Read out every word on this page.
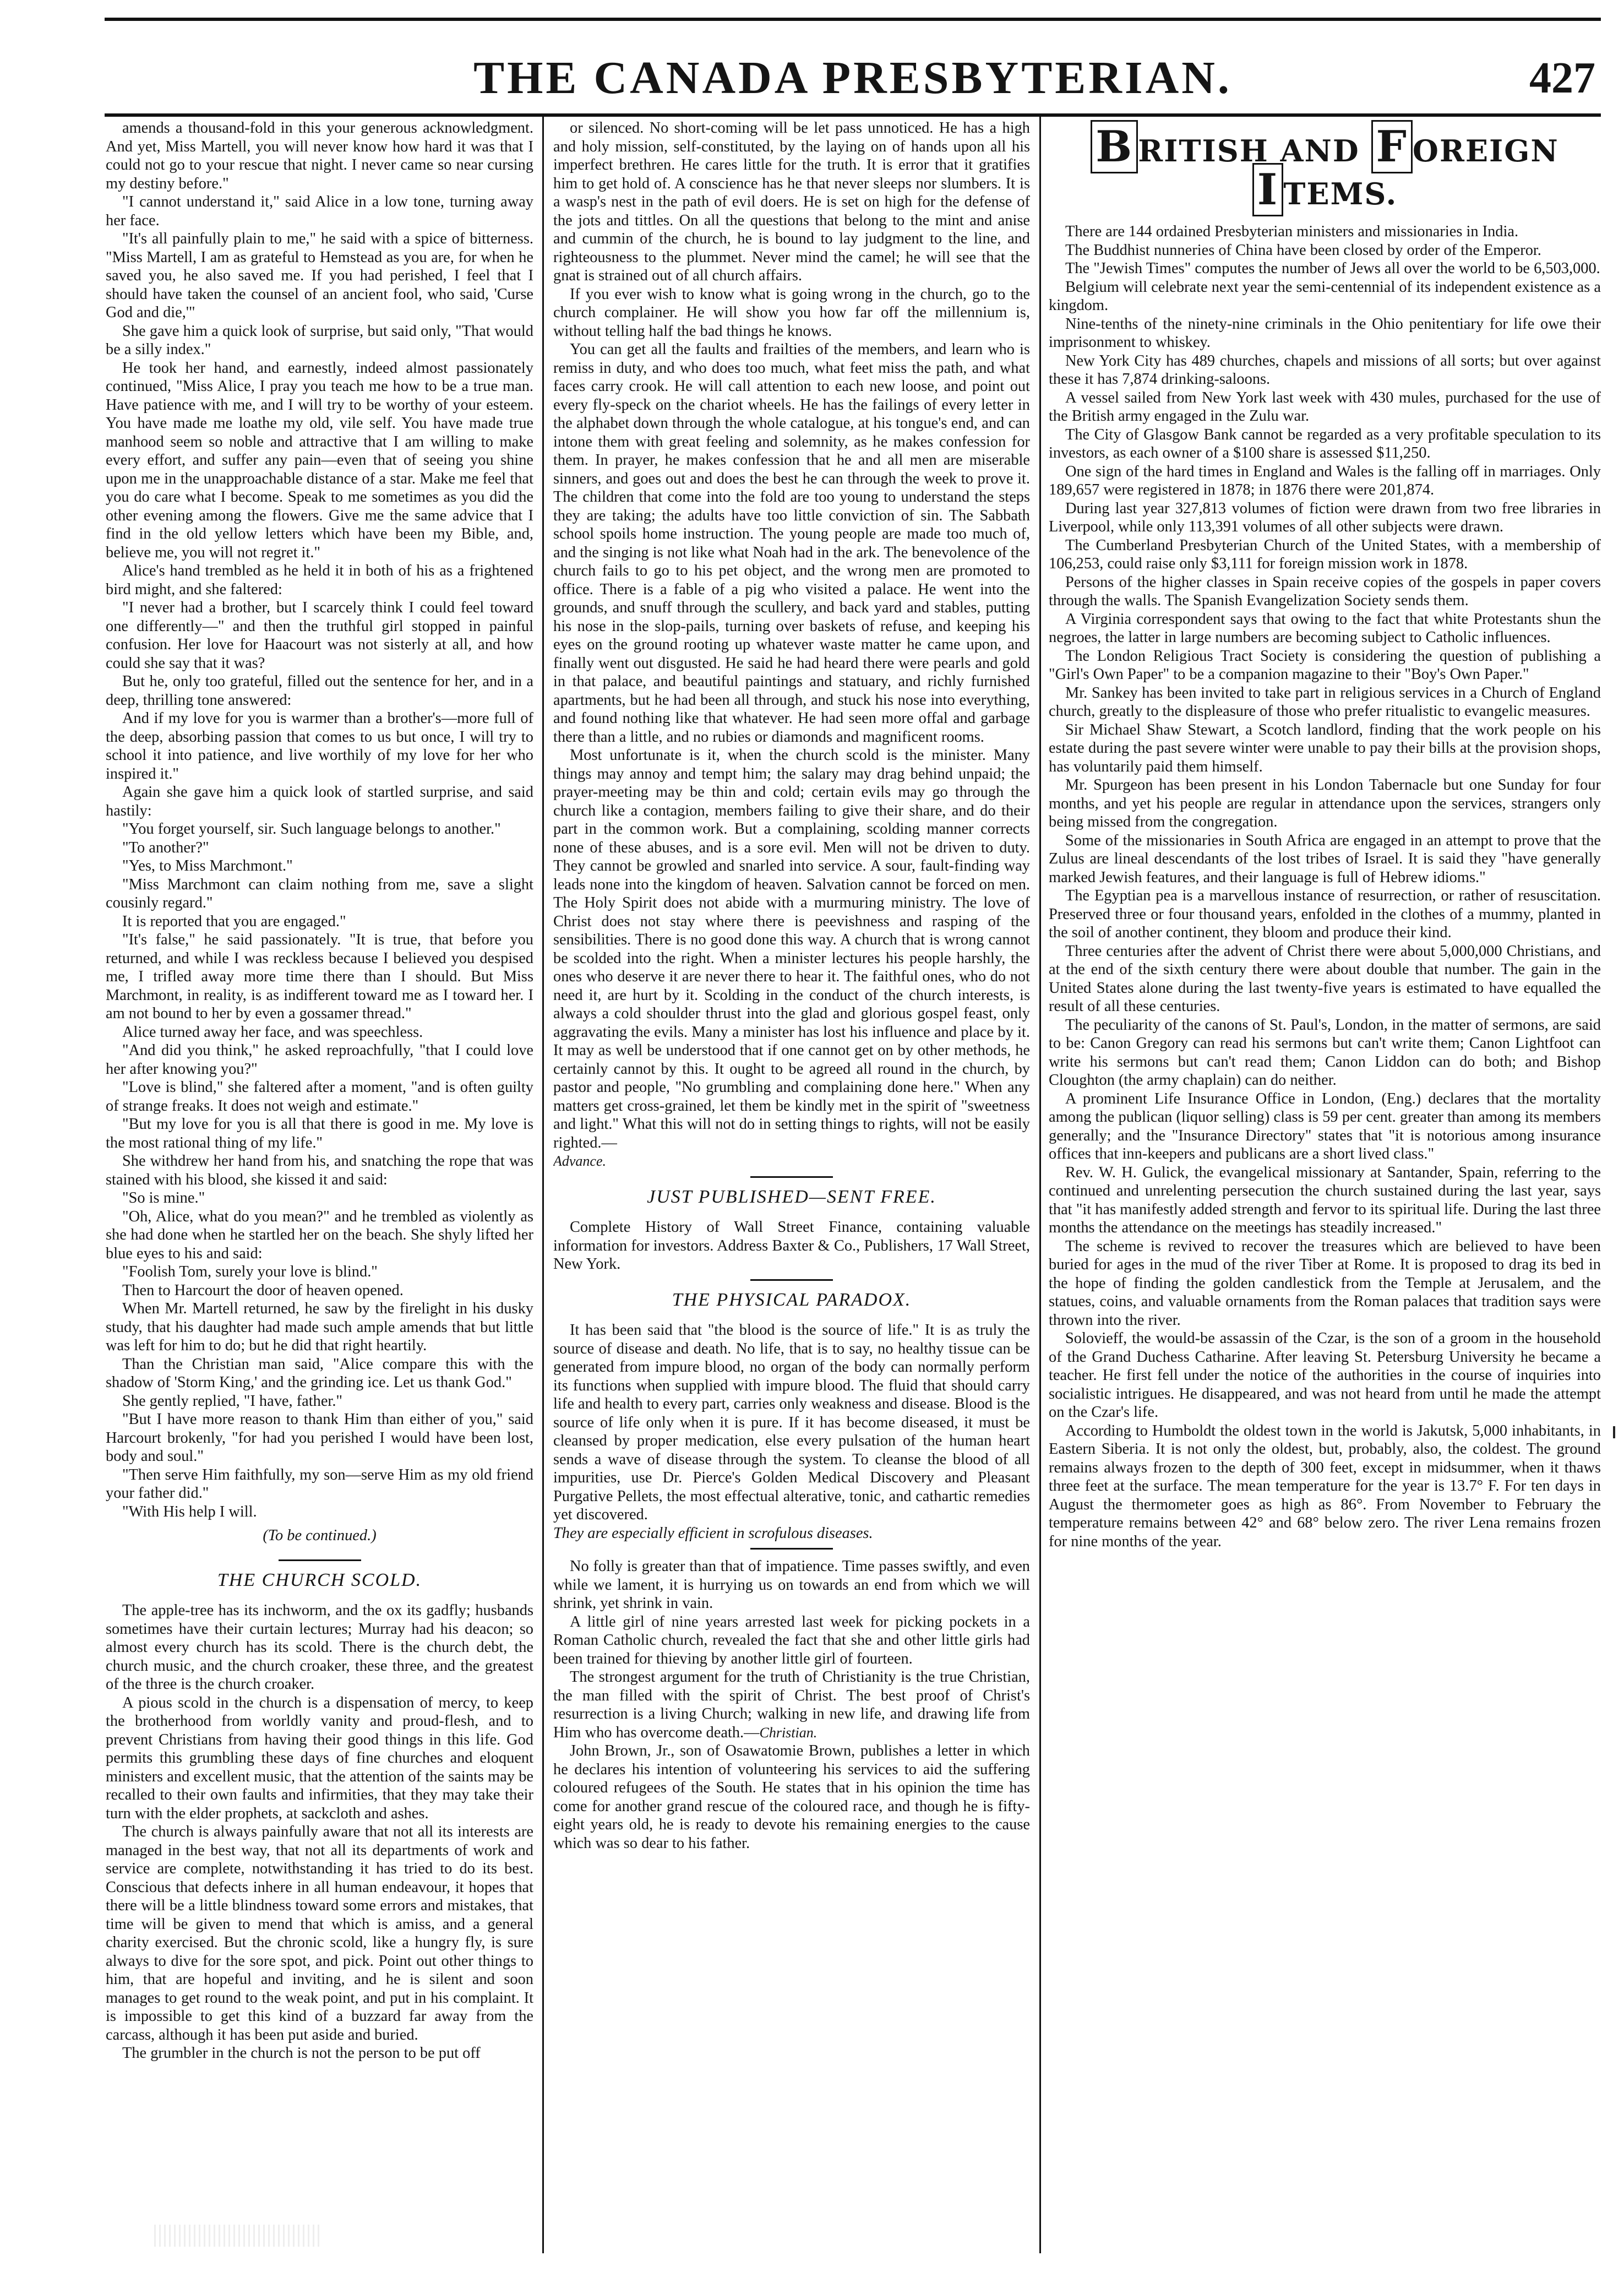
THE CANADA PRESBYTERIAN.	427

amends a thousand-fold in this your generous acknowledgment. And yet, Miss Martell, you will never know how hard it was that I could not go to your rescue that night. I never came so near cursing my destiny before."

"I cannot understand it," said Alice in a low tone, turning away her face.

"It's all painfully plain to me," he said with a spice of bitterness. "Miss Martell, I am as grateful to Hemstead as you are, for when he saved you, he also saved me. If you had perished, I feel that I should have taken the counsel of an ancient fool, who said, 'Curse God and die,'"

She gave him a quick look of surprise, but said only, "That would be a silly index."

He took her hand, and earnestly, indeed almost passionately continued, "Miss Alice, I pray you teach me how to be a true man. Have patience with me, and I will try to be worthy of your esteem. You have made me loathe my old, vile self. You have made true manhood seem so noble and attractive that I am willing to make every effort, and suffer any pain—even that of seeing you shine upon me in the unapproachable distance of a star. Make me feel that you do care what I become. Speak to me sometimes as you did the other evening among the flowers. Give me the same advice that I find in the old yellow letters which have been my Bible, and, believe me, you will not regret it."

Alice's hand trembled as he held it in both of his as a frightened bird might, and she faltered:

"I never had a brother, but I scarcely think I could feel toward one differently—" and then the truthful girl stopped in painful confusion. Her love for Haacourt was not sisterly at all, and how could she say that it was?

But he, only too grateful, filled out the sentence for her, and in a deep, thrilling tone answered:

And if my love for you is warmer than a brother's—more full of the deep, absorbing passion that comes to us but once, I will try to school it into patience, and live worthily of my love for her who inspired it."

Again she gave him a quick look of startled surprise, and said hastily:

"You forget yourself, sir. Such language belongs to another."

"To another?"

"Yes, to Miss Marchmont."

"Miss Marchmont can claim nothing from me, save a slight cousinly regard."

It is reported that you are engaged."

"It's false," he said passionately. "It is true, that before you returned, and while I was reckless because I believed you despised me, I trifled away more time there than I should. But Miss Marchmont, in reality, is as indifferent toward me as I toward her. I am not bound to her by even a gossamer thread."

Alice turned away her face, and was speechless.

"And did you think," he asked reproachfully, "that I could love her after knowing you?"

"Love is blind," she faltered after a moment, "and is often guilty of strange freaks. It does not weigh and estimate."

"But my love for you is all that there is good in me. My love is the most rational thing of my life."

She withdrew her hand from his, and snatching the rope that was stained with his blood, she kissed it and said:

"So is mine."

"Oh, Alice, what do you mean?" and he trembled as violently as she had done when he startled her on the beach. She shyly lifted her blue eyes to his and said:

"Foolish Tom, surely your love is blind."

Then to Harcourt the door of heaven opened.

When Mr. Martell returned, he saw by the firelight in his dusky study, that his daughter had made such ample amends that but little was left for him to do; but he did that right heartily.

Than the Christian man said, "Alice compare this with the shadow of 'Storm King,' and the grinding ice. Let us thank God."

She gently replied, "I have, father."

"But I have more reason to thank Him than either of you," said Harcourt brokenly, "for had you perished I would have been lost, body and soul."

"Then serve Him faithfully, my son—serve Him as my old friend your father did."

"With His help I will.

(To be continued.)
THE CHURCH SCOLD.

The apple-tree has its inchworm, and the ox its gadfly; husbands sometimes have their curtain lectures; Murray had his deacon; so almost every church has its scold. There is the church debt, the church music, and the church croaker, these three, and the greatest of the three is the church croaker.

A pious scold in the church is a dispensation of mercy, to keep the brotherhood from worldly vanity and proud-flesh, and to prevent Christians from having their good things in this life. God permits this grumbling these days of fine churches and eloquent ministers and excellent music, that the attention of the saints may be recalled to their own faults and infirmities, that they may take their turn with the elder prophets, at sackcloth and ashes.

The church is always painfully aware that not all its interests are managed in the best way, that not all its departments of work and service are complete, notwithstanding it has tried to do its best. Conscious that defects inhere in all human endeavour, it hopes that there will be a little blindness toward some errors and mistakes, that time will be given to mend that which is amiss, and a general charity exercised. But the chronic scold, like a hungry fly, is sure always to dive for the sore spot, and pick. Point out other things to him, that are hopeful and inviting, and he is silent and soon manages to get round to the weak point, and put in his complaint. It is impossible to get this kind of a buzzard far away from the carcass, although it has been put aside and buried.

The grumbler in the church is not the person to be put off

or silenced. No short-coming will be let pass unnoticed. He has a high and holy mission, self-constituted, by the laying on of hands upon all his imperfect brethren. He cares little for the truth. It is error that it gratifies him to get hold of. A conscience has he that never sleeps nor slumbers. It is a wasp's nest in the path of evil doers. He is set on high for the defense of the jots and tittles. On all the questions that belong to the mint and anise and cummin of the church, he is bound to lay judgment to the line, and righteousness to the plummet. Never mind the camel; he will see that the gnat is strained out of all church affairs.

If you ever wish to know what is going wrong in the church, go to the church complainer. He will show you how far off the millennium is, without telling half the bad things he knows.

You can get all the faults and frailties of the members, and learn who is remiss in duty, and who does too much, what feet miss the path, and what faces carry crook. He will call attention to each new loose, and point out every fly-speck on the chariot wheels. He has the failings of every letter in the alphabet down through the whole catalogue, at his tongue's end, and can intone them with great feeling and solemnity, as he makes confession for them. In prayer, he makes confession that he and all men are miserable sinners, and goes out and does the best he can through the week to prove it. The children that come into the fold are too young to understand the steps they are taking; the adults have too little conviction of sin. The Sabbath school spoils home instruction. The young people are made too much of, and the singing is not like what Noah had in the ark. The benevolence of the church fails to go to his pet object, and the wrong men are promoted to office. There is a fable of a pig who visited a palace. He went into the grounds, and snuff through the scullery, and back yard and stables, putting his nose in the slop-pails, turning over baskets of refuse, and keeping his eyes on the ground rooting up whatever waste matter he came upon, and finally went out disgusted. He said he had heard there were pearls and gold in that palace, and beautiful paintings and statuary, and richly furnished apartments, but he had been all through, and stuck his nose into everything, and found nothing like that whatever. He had seen more offal and garbage there than a little, and no rubies or diamonds and magnificent rooms.

Most unfortunate is it, when the church scold is the minister. Many things may annoy and tempt him; the salary may drag behind unpaid; the prayer-meeting may be thin and cold; certain evils may go through the church like a contagion, members failing to give their share, and do their part in the common work. But a complaining, scolding manner corrects none of these abuses, and is a sore evil. Men will not be driven to duty. They cannot be growled and snarled into service. A sour, fault-finding way leads none into the kingdom of heaven. Salvation cannot be forced on men. The Holy Spirit does not abide with a murmuring ministry. The love of Christ does not stay where there is peevishness and rasping of the sensibilities. There is no good done this way. A church that is wrong cannot be scolded into the right. When a minister lectures his people harshly, the ones who deserve it are never there to hear it. The faithful ones, who do not need it, are hurt by it. Scolding in the conduct of the church interests, is always a cold shoulder thrust into the glad and glorious gospel feast, only aggravating the evils. Many a minister has lost his influence and place by it. It may as well be understood that if one cannot get on by other methods, he certainly cannot by this. It ought to be agreed all round in the church, by pastor and people, "No grumbling and complaining done here." When any matters get cross-grained, let them be kindly met in the spirit of "sweetness and light." What this will not do in setting things to rights, will not be easily righted.—

Advance.
JUST PUBLISHED—SENT FREE.

Complete History of Wall Street Finance, containing valuable information for investors. Address Baxter & Co., Publishers, 17 Wall Street, New York.

THE PHYSICAL PARADOX.

It has been said that "the blood is the source of life." It is as truly the source of disease and death. No life, that is to say, no healthy tissue can be generated from impure blood, no organ of the body can normally perform its functions when supplied with impure blood. The fluid that should carry life and health to every part, carries only weakness and disease. Blood is the source of life only when it is pure. If it has become diseased, it must be cleansed by proper medication, else every pulsation of the human heart sends a wave of disease through the system. To cleanse the blood of all impurities, use Dr. Pierce's Golden Medical Discovery and Pleasant Purgative Pellets, the most effectual alterative, tonic, and cathartic remedies yet discovered.

They are especially efficient in scrofulous diseases.

No folly is greater than that of impatience. Time passes swiftly, and even while we lament, it is hurrying us on towards an end from which we will shrink, yet shrink in vain.

A little girl of nine years arrested last week for picking pockets in a Roman Catholic church, revealed the fact that she and other little girls had been trained for thieving by another little girl of fourteen.

The strongest argument for the truth of Christianity is the true Christian, the man filled with the spirit of Christ. The best proof of Christ's resurrection is a living Church; walking in new life, and drawing life from Him who has overcome death.—Christian.

John Brown, Jr., son of Osawatomie Brown, publishes a letter in which he declares his intention of volunteering his services to aid the suffering coloured refugees of the South. He states that in his opinion the time has come for another grand rescue of the coloured race, and though he is fifty-eight years old, he is ready to devote his remaining energies to the cause which was so dear to his father.

B RITISH AND F OREIGN I TEMS.

There are 144 ordained Presbyterian ministers and missionaries in India.

The Buddhist nunneries of China have been closed by order of the Emperor.

The "Jewish Times" computes the number of Jews all over the world to be 6,503,000.

Belgium will celebrate next year the semi-centennial of its independent existence as a kingdom.

Nine-tenths of the ninety-nine criminals in the Ohio penitentiary for life owe their imprisonment to whiskey.

New York City has 489 churches, chapels and missions of all sorts; but over against these it has 7,874 drinking-saloons.

A vessel sailed from New York last week with 430 mules, purchased for the use of the British army engaged in the Zulu war.

The City of Glasgow Bank cannot be regarded as a very profitable speculation to its investors, as each owner of a $100 share is assessed $11,250.

One sign of the hard times in England and Wales is the falling off in marriages. Only 189,657 were registered in 1878; in 1876 there were 201,874.

During last year 327,813 volumes of fiction were drawn from two free libraries in Liverpool, while only 113,391 volumes of all other subjects were drawn.

The Cumberland Presbyterian Church of the United States, with a membership of 106,253, could raise only $3,111 for foreign mission work in 1878.

Persons of the higher classes in Spain receive copies of the gospels in paper covers through the walls. The Spanish Evangelization Society sends them.

A Virginia correspondent says that owing to the fact that white Protestants shun the negroes, the latter in large numbers are becoming subject to Catholic influences.

The London Religious Tract Society is considering the question of publishing a "Girl's Own Paper" to be a companion magazine to their "Boy's Own Paper."

Mr. Sankey has been invited to take part in religious services in a Church of England church, greatly to the displeasure of those who prefer ritualistic to evangelic measures.

Sir Michael Shaw Stewart, a Scotch landlord, finding that the work people on his estate during the past severe winter were unable to pay their bills at the provision shops, has voluntarily paid them himself.

Mr. Spurgeon has been present in his London Tabernacle but one Sunday for four months, and yet his people are regular in attendance upon the services, strangers only being missed from the congregation.

Some of the missionaries in South Africa are engaged in an attempt to prove that the Zulus are lineal descendants of the lost tribes of Israel. It is said they "have generally marked Jewish features, and their language is full of Hebrew idioms."

The Egyptian pea is a marvellous instance of resurrection, or rather of resuscitation. Preserved three or four thousand years, enfolded in the clothes of a mummy, planted in the soil of another continent, they bloom and produce their kind.

Three centuries after the advent of Christ there were about 5,000,000 Christians, and at the end of the sixth century there were about double that number. The gain in the United States alone during the last twenty-five years is estimated to have equalled the result of all these centuries.

The peculiarity of the canons of St. Paul's, London, in the matter of sermons, are said to be: Canon Gregory can read his sermons but can't write them; Canon Lightfoot can write his sermons but can't read them; Canon Liddon can do both; and Bishop Cloughton (the army chaplain) can do neither.

A prominent Life Insurance Office in London, (Eng.) declares that the mortality among the publican (liquor selling) class is 59 per cent. greater than among its members generally; and the "Insurance Directory" states that "it is notorious among insurance offices that inn-keepers and publicans are a short lived class."

Rev. W. H. Gulick, the evangelical missionary at Santander, Spain, referring to the continued and unrelenting persecution the church sustained during the last year, says that "it has manifestly added strength and fervor to its spiritual life. During the last three months the attendance on the meetings has steadily increased."

The scheme is revived to recover the treasures which are believed to have been buried for ages in the mud of the river Tiber at Rome. It is proposed to drag its bed in the hope of finding the golden candlestick from the Temple at Jerusalem, and the statues, coins, and valuable ornaments from the Roman palaces that tradition says were thrown into the river.

Solovieff, the would-be assassin of the Czar, is the son of a groom in the household of the Grand Duchess Catharine. After leaving St. Petersburg University he became a teacher. He first fell under the notice of the authorities in the course of inquiries into socialistic intrigues. He disappeared, and was not heard from until he made the attempt on the Czar's life.

According to Humboldt the oldest town in the world is Jakutsk, 5,000 inhabitants, in Eastern Siberia. It is not only the oldest, but, probably, also, the coldest. The ground remains always frozen to the depth of 300 feet, except in midsummer, when it thaws three feet at the surface. The mean temperature for the year is 13.7° F. For ten days in August the thermometer goes as high as 86°. From November to February the temperature remains between 42° and 68° below zero. The river Lena remains frozen for nine months of the year.
